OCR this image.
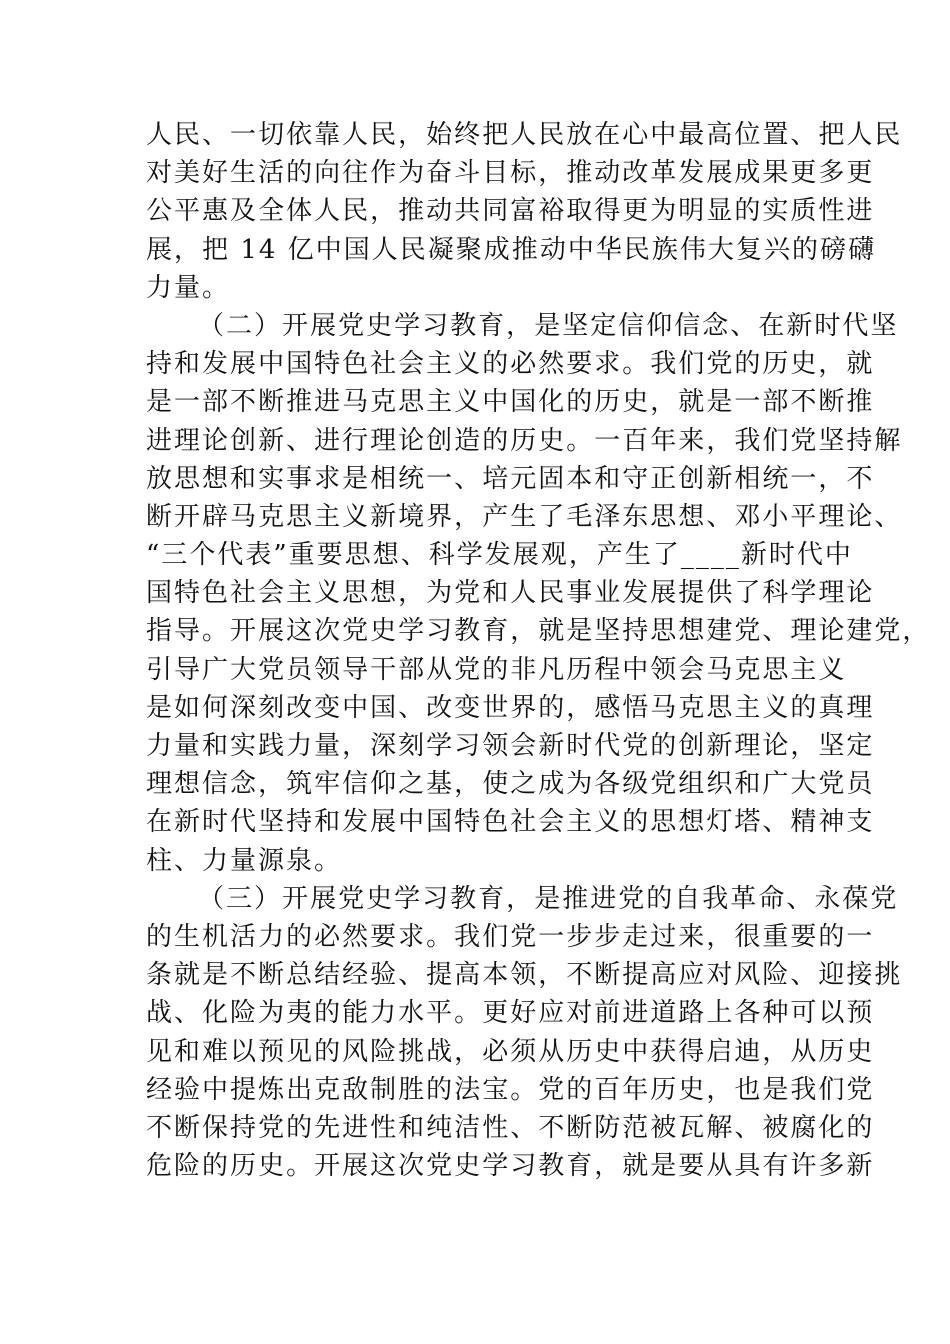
人 民 、 一 切 依 靠 人 民 ， 始 终 把 人 民 放 在 心 中 最 高 位 置 、 把 人 民
对 美 好 生 活 的 向 往 作 为 奋 斗 目 标 ， 推 动 改 革 发 展 成 果 更 多 更
公 平 惠 及 全 体 人 民 ， 推 动 共 同 富 裕 取 得 更 为 明 显 的 实 质 性 进
展 ， 把
1 4
亿 中 国 人 民 凝 聚 成 推 动 中 华 民 族 伟 大 复 兴 的 磅 礴
力量。
（ 二 ） 开 展 党 史 学 习 教 育 ， 是 坚 定 信 仰 信 念 、 在 新 时 代 坚
持 和 发 展 中 国 特 色 社 会 主 义 的 必 然 要 求 。 我 们 党 的 历 史 ， 就
是 一 部 不 断 推 进 马 克 思 主 义 中 国 化 的 历 史 ， 就 是 一 部 不 断 推
进 理 论 创 新 、 进 行 理 论 创 造 的 历 史 。 一 百 年 来 ， 我 们 党 坚 持 解
放 思 想 和 实 事 求 是 相 统 一 、 培 元 固 本 和 守 正 创 新 相 统 一 ， 不
断 开 辟 马 克 思 主 义 新 境 界 ， 产 生 了 毛 泽 东 思 想 、 邓 小 平 理 论 、
“ 三 个 代 表 ” 重 要 思 想 、 科 学 发 展 观 ， 产 生 了 _ _ _ _ 新 时 代 中
国 特 色 社 会 主 义 思 想 ， 为 党 和 人 民 事 业 发 展 提 供 了 科 学 理 论
指 导 。 开 展 这 次 党 史 学 习 教 育 ， 就 是 坚 持 思 想 建 党 、 理 论 建 党 ，
引 导 广 大 党 员 领 导 干 部 从 党 的 非 凡 历 程 中 领 会 马 克 思 主 义
是 如 何 深 刻 改 变 中 国 、 改 变 世 界 的 ， 感 悟 马 克 思 主 义 的 真 理
力 量 和 实 践 力 量 ， 深 刻 学 习 领 会 新 时 代 党 的 创 新 理 论 ， 坚 定
理 想 信 念 ， 筑 牢 信 仰 之 基 ， 使 之 成 为 各 级 党 组 织 和 广 大 党 员
在 新 时 代 坚 持 和 发 展 中 国 特 色 社 会 主 义 的 思 想 灯 塔 、 精 神 支
柱、力量源泉。
（ 三 ） 开 展 党 史 学 习 教 育 ， 是 推 进 党 的 自 我 革 命 、 永 葆 党
的 生 机 活 力 的 必 然 要 求 。 我 们 党 一 步 步 走 过 来 ， 很 重 要 的 一
条 就 是 不 断 总 结 经 验 、 提 高 本 领 ， 不 断 提 高 应 对 风 险 、 迎 接 挑
战 、 化 险 为 夷 的 能 力 水 平 。 更 好 应 对 前 进 道 路 上 各 种 可 以 预
见 和 难 以 预 见 的 风 险 挑 战 ， 必 须 从 历 史 中 获 得 启 迪 ， 从 历 史
经 验 中 提 炼 出 克 敌 制 胜 的 法 宝 。 党 的 百 年 历 史 ， 也 是 我 们 党
不 断 保 持 党 的 先 进 性 和 纯 洁 性 、 不 断 防 范 被 瓦 解 、 被 腐 化 的
危 险 的 历 史 。 开 展 这 次 党 史 学 习 教 育 ， 就 是 要 从 具 有 许 多 新
